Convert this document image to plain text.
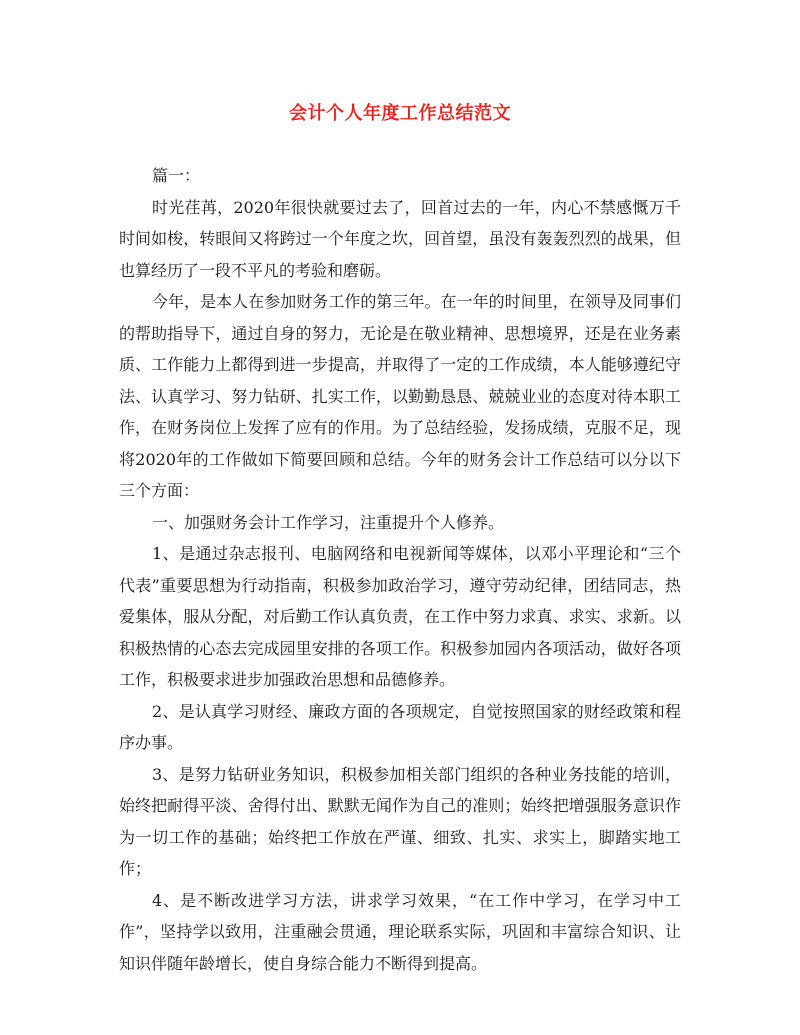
会计个人年度工作总结范文

篇一：

时光荏苒，2020年很快就要过去了，回首过去的一年，内心不禁感慨万千时间如梭，转眼间又将跨过一个年度之坎，回首望，虽没有轰轰烈烈的战果，但也算经历了一段不平凡的考验和磨砺。

今年，是本人在参加财务工作的第三年。在一年的时间里，在领导及同事们的帮助指导下，通过自身的努力，无论是在敬业精神、思想境界，还是在业务素质、工作能力上都得到进一步提高，并取得了一定的工作成绩，本人能够遵纪守法、认真学习、努力钻研、扎实工作，以勤勤恳恳、兢兢业业的态度对待本职工作，在财务岗位上发挥了应有的作用。为了总结经验，发扬成绩，克服不足，现将2020年的工作做如下简要回顾和总结。今年的财务会计工作总结可以分以下三个方面：

一、加强财务会计工作学习，注重提升个人修养。

1、是通过杂志报刊、电脑网络和电视新闻等媒体，以邓小平理论和“三个代表”重要思想为行动指南，积极参加政治学习，遵守劳动纪律，团结同志，热爱集体，服从分配，对后勤工作认真负责，在工作中努力求真、求实、求新。以积极热情的心态去完成园里安排的各项工作。积极参加园内各项活动，做好各项工作，积极要求进步加强政治思想和品德修养。

2、是认真学习财经、廉政方面的各项规定，自觉按照国家的财经政策和程序办事。

3、是努力钻研业务知识，积极参加相关部门组织的各种业务技能的培训，始终把耐得平淡、舍得付出、默默无闻作为自己的准则；始终把增强服务意识作为一切工作的基础；始终把工作放在严谨、细致、扎实、求实上，脚踏实地工作；

4、是不断改进学习方法，讲求学习效果，“在工作中学习，在学习中工作”，坚持学以致用，注重融会贯通，理论联系实际，巩固和丰富综合知识、让知识伴随年龄增长，使自身综合能力不断得到提高。
